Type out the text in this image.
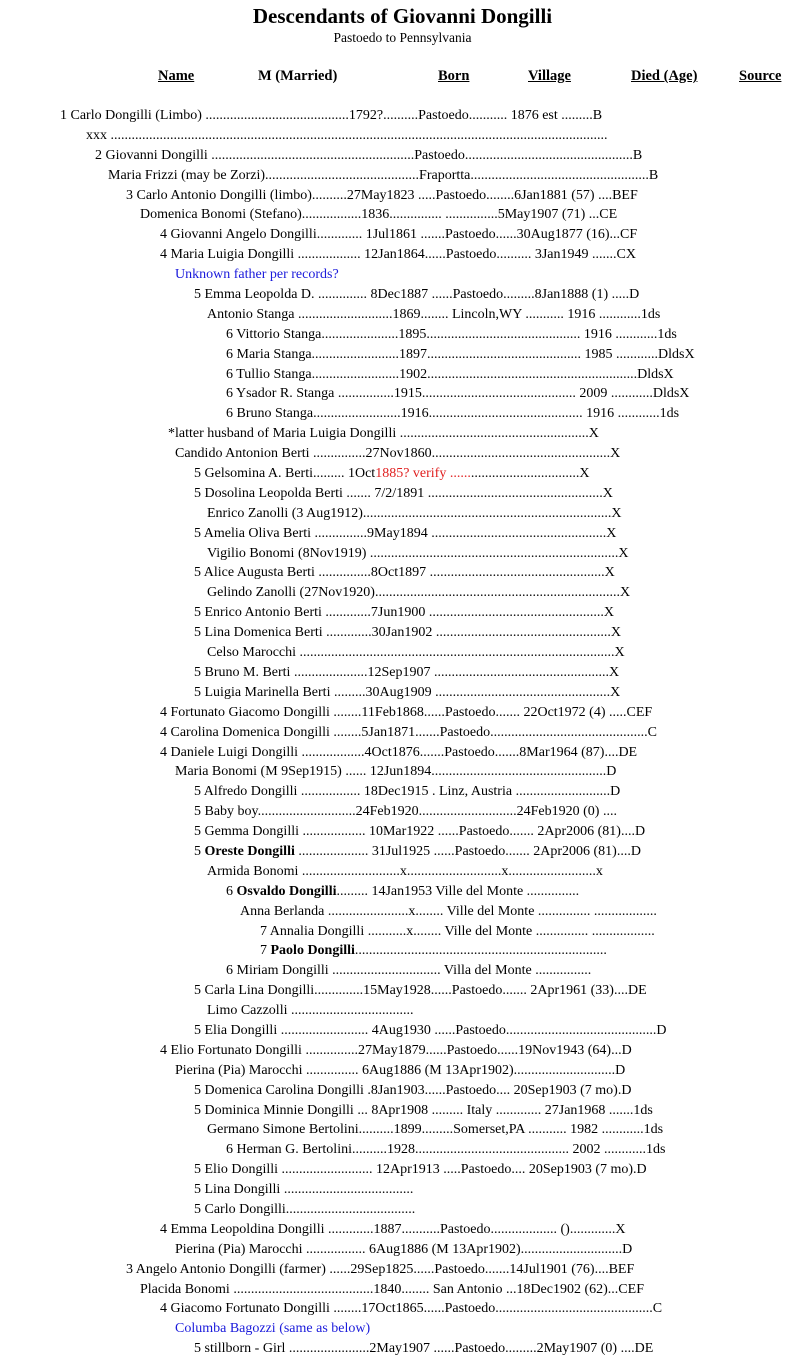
Descendants of Giovanni Dongilli
Pastoedo to Pennsylvania
Name	M (Married)	Born	Village	Died (Age)	Source
1 Carlo Dongilli (Limbo) .........................................1792?..........Pastoedo........... 1876 est .........B
xxx ..............................................................................................................................................
2 Giovanni Dongilli ..........................................................Pastoedo................................................B
Maria Frizzi (may be Zorzi)............................................Fraportta...................................................B
3 Carlo Antonio Dongilli (limbo)..........27May1823 .....Pastoedo........6Jan1881 (57) ....BEF
Domenica Bonomi (Stefano).................1836............... ...............5May1907 (71) ...CE
4 Giovanni Angelo Dongilli............. 1Jul1861 .......Pastoedo......30Aug1877 (16)...CF
4 Maria Luigia Dongilli .................. 12Jan1864......Pastoedo.......... 3Jan1949 .......CX
Unknown father per records?
5 Emma Leopolda D. .............. 8Dec1887 ......Pastoedo.........8Jan1888 (1) .....D
Antonio Stanga ...........................1869........ Lincoln,WY ........... 1916 ............1ds
6 Vittorio Stanga......................1895............................................ 1916 ............1ds
6 Maria Stanga.........................1897............................................ 1985 ............DldsX
6 Tullio Stanga.........................1902............................................................DldsX
6 Ysador R. Stanga ................1915............................................ 2009 ............DldsX
6 Bruno Stanga.........................1916............................................ 1916 ............1ds
*latter husband of Maria Luigia Dongilli ......................................................X
Candido Antonion Berti ...............27Nov1860...................................................X
5 Gelsomina A. Berti......... 1Oct1885? verify .....................................X
5 Dosolina Leopolda Berti ....... 7/2/1891 ..................................................X
Enrico Zanolli (3 Aug1912).......................................................................X
5 Amelia Oliva Berti ...............9May1894 ..................................................X
Vigilio Bonomi (8Nov1919) .......................................................................X
5 Alice Augusta Berti ...............8Oct1897 ..................................................X
Gelindo Zanolli (27Nov1920)......................................................................X
5 Enrico Antonio Berti .............7Jun1900 ..................................................X
5 Lina Domenica Berti .............30Jan1902 ..................................................X
Celso Marocchi ..........................................................................................X
5 Bruno M. Berti .....................12Sep1907 ..................................................X
5 Luigia Marinella Berti .........30Aug1909 ..................................................X
4 Fortunato Giacomo Dongilli ........11Feb1868......Pastoedo....... 22Oct1972 (4) .....CEF
4 Carolina Domenica Dongilli ........5Jan1871.......Pastoedo.............................................C
4 Daniele Luigi Dongilli ..................4Oct1876.......Pastoedo.......8Mar1964 (87)....DE
Maria Bonomi (M 9Sep1915) ...... 12Jun1894..................................................D
5 Alfredo Dongilli ................. 18Dec1915 . Linz, Austria ...........................D
5 Baby boy............................24Feb1920............................24Feb1920 (0) ....
5 Gemma Dongilli .................. 10Mar1922 ......Pastoedo....... 2Apr2006 (81)....D
5 Oreste Dongilli .................... 31Jul1925 ......Pastoedo....... 2Apr2006 (81)....D
Armida Bonomi ............................x...........................x.........................x
6 Osvaldo Dongilli......... 14Jan1953 Ville del Monte ...............
Anna Berlanda .......................x........ Ville del Monte ............... ..................
7 Annalia Dongilli ...........x........ Ville del Monte ............... ..................
7 Paolo Dongilli........................................................................
6 Miriam Dongilli ............................... Villa del Monte ................
5 Carla Lina Dongilli..............15May1928......Pastoedo....... 2Apr1961 (33)....DE
Limo Cazzolli ...................................
5 Elia Dongilli ......................... 4Aug1930 ......Pastoedo...........................................D
4 Elio Fortunato Dongilli ...............27May1879......Pastoedo......19Nov1943 (64)...D
Pierina (Pia) Marocchi ............... 6Aug1886 (M 13Apr1902).............................D
5 Domenica Carolina Dongilli .8Jan1903......Pastoedo.... 20Sep1903 (7 mo).D
5 Dominica Minnie Dongilli ... 8Apr1908 ......... Italy ............. 27Jan1968 .......1ds
Germano Simone Bertolini..........1899.........Somerset,PA ........... 1982 ............1ds
6 Herman G. Bertolini..........1928............................................ 2002 ............1ds
5 Elio Dongilli .......................... 12Apr1913 .....Pastoedo.... 20Sep1903 (7 mo).D
5 Lina Dongilli .....................................
5 Carlo Dongilli.....................................
4 Emma Leopoldina Dongilli .............1887...........Pastoedo................... ().............X
Pierina (Pia) Marocchi ................. 6Aug1886 (M 13Apr1902).............................D
3 Angelo Antonio Dongilli (farmer) ......29Sep1825......Pastoedo.......14Jul1901 (76)....BEF
Placida Bonomi ........................................1840........ San Antonio ...18Dec1902 (62)...CEF
4 Giacomo Fortunato Dongilli ........17Oct1865......Pastoedo.............................................C
Columba Bagozzi (same as below)
5 stillborn - Girl .......................2May1907 ......Pastoedo.........2May1907 (0) ....DE
